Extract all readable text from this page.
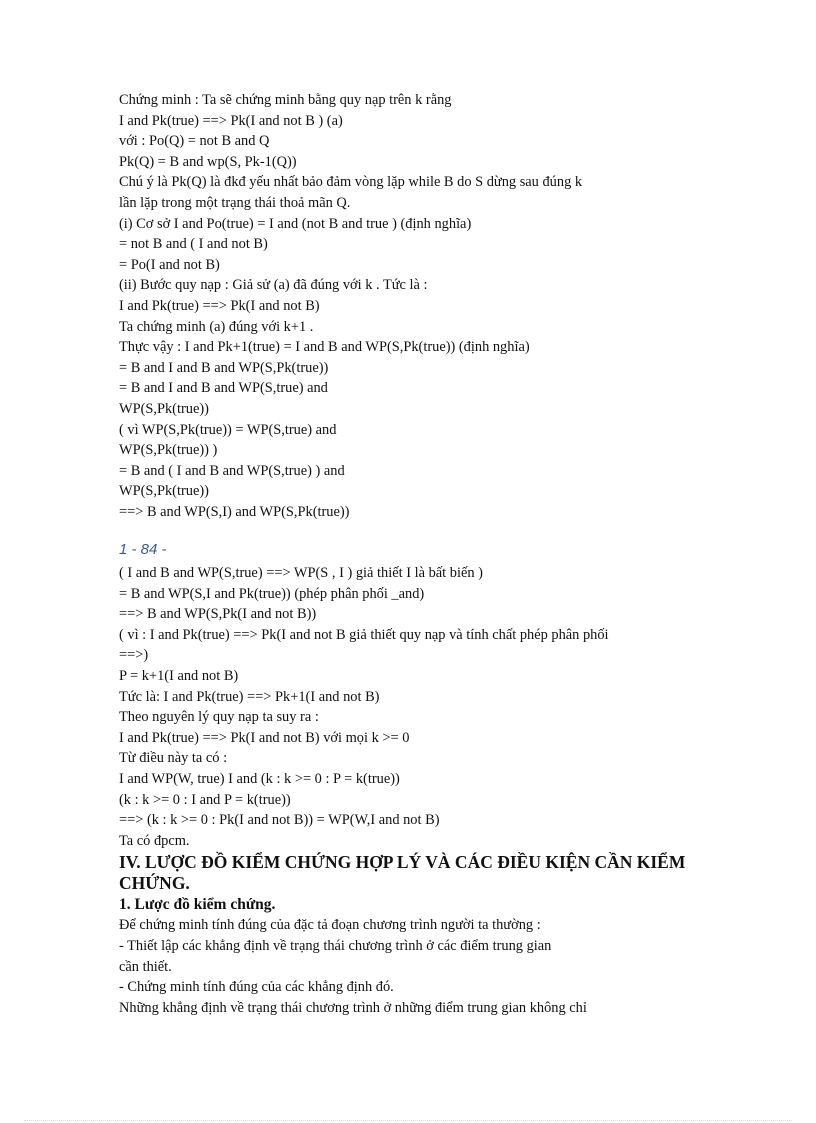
Chứng minh : Ta sẽ chứng minh bằng quy nạp trên k rằng
I and Pk(true) ==> Pk(I and not B ) (a)
với : Po(Q) = not B and Q
Pk(Q) = B and wp(S, Pk-1(Q))
Chú ý là Pk(Q) là đkđ yếu nhất bảo đảm vòng lặp while B do S dừng sau đúng k
lần lặp trong một trạng thái thoả mãn Q.
(i) Cơ sở I and Po(true) = I and (not B and true ) (định nghĩa)
= not B and ( I and not B)
= Po(I and not B)
(ii) Bước quy nạp : Giả sử (a) đã đúng với k . Tức là :
I and Pk(true) ==> Pk(I and not B)
Ta chứng minh (a) đúng với k+1 .
Thực vậy : I and Pk+1(true) = I and B and WP(S,Pk(true)) (định nghĩa)
= B and I and B and WP(S,Pk(true))
= B and I and B and WP(S,true) and
WP(S,Pk(true))
( vì WP(S,Pk(true)) = WP(S,true) and
WP(S,Pk(true)) )
= B and ( I and B and WP(S,true) ) and
WP(S,Pk(true))
==> B and WP(S,I) and WP(S,Pk(true))
1 - 84 -
( I and B and WP(S,true) ==> WP(S , I ) giả thiết I là bất biến )
= B and WP(S,I and Pk(true)) (phép phân phối _and)
==> B and WP(S,Pk(I and not B))
( vì : I and Pk(true) ==> Pk(I and not B giả thiết quy nạp và tính chất phép phân phối
==>)
P = k+1(I and not B)
Tức là: I and Pk(true) ==> Pk+1(I and not B)
Theo nguyên lý quy nạp ta suy ra :
I and Pk(true) ==> Pk(I and not B) với mọi k >= 0
Từ điều này ta có :
I and WP(W, true) I and (k : k >= 0 : P = k(true))
(k : k >= 0 : I and P = k(true))
==> (k : k >= 0 : Pk(I and not B)) = WP(W,I and not B)
Ta có đpcm.
IV. LƯỢC ĐỒ KIỂM CHỨNG HỢP LÝ VÀ CÁC ĐIỀU KIỆN CẦN KIỂM CHỨNG.
1. Lược đồ kiểm chứng.
Để chứng minh tính đúng của đặc tả đoạn chương trình người ta thường :
- Thiết lập các khẳng định về trạng thái chương trình ở các điểm trung gian
cần thiết.
- Chứng minh tính đúng của các khẳng định đó.
Những khẳng định về trạng thái chương trình ở những điểm trung gian không chỉ
